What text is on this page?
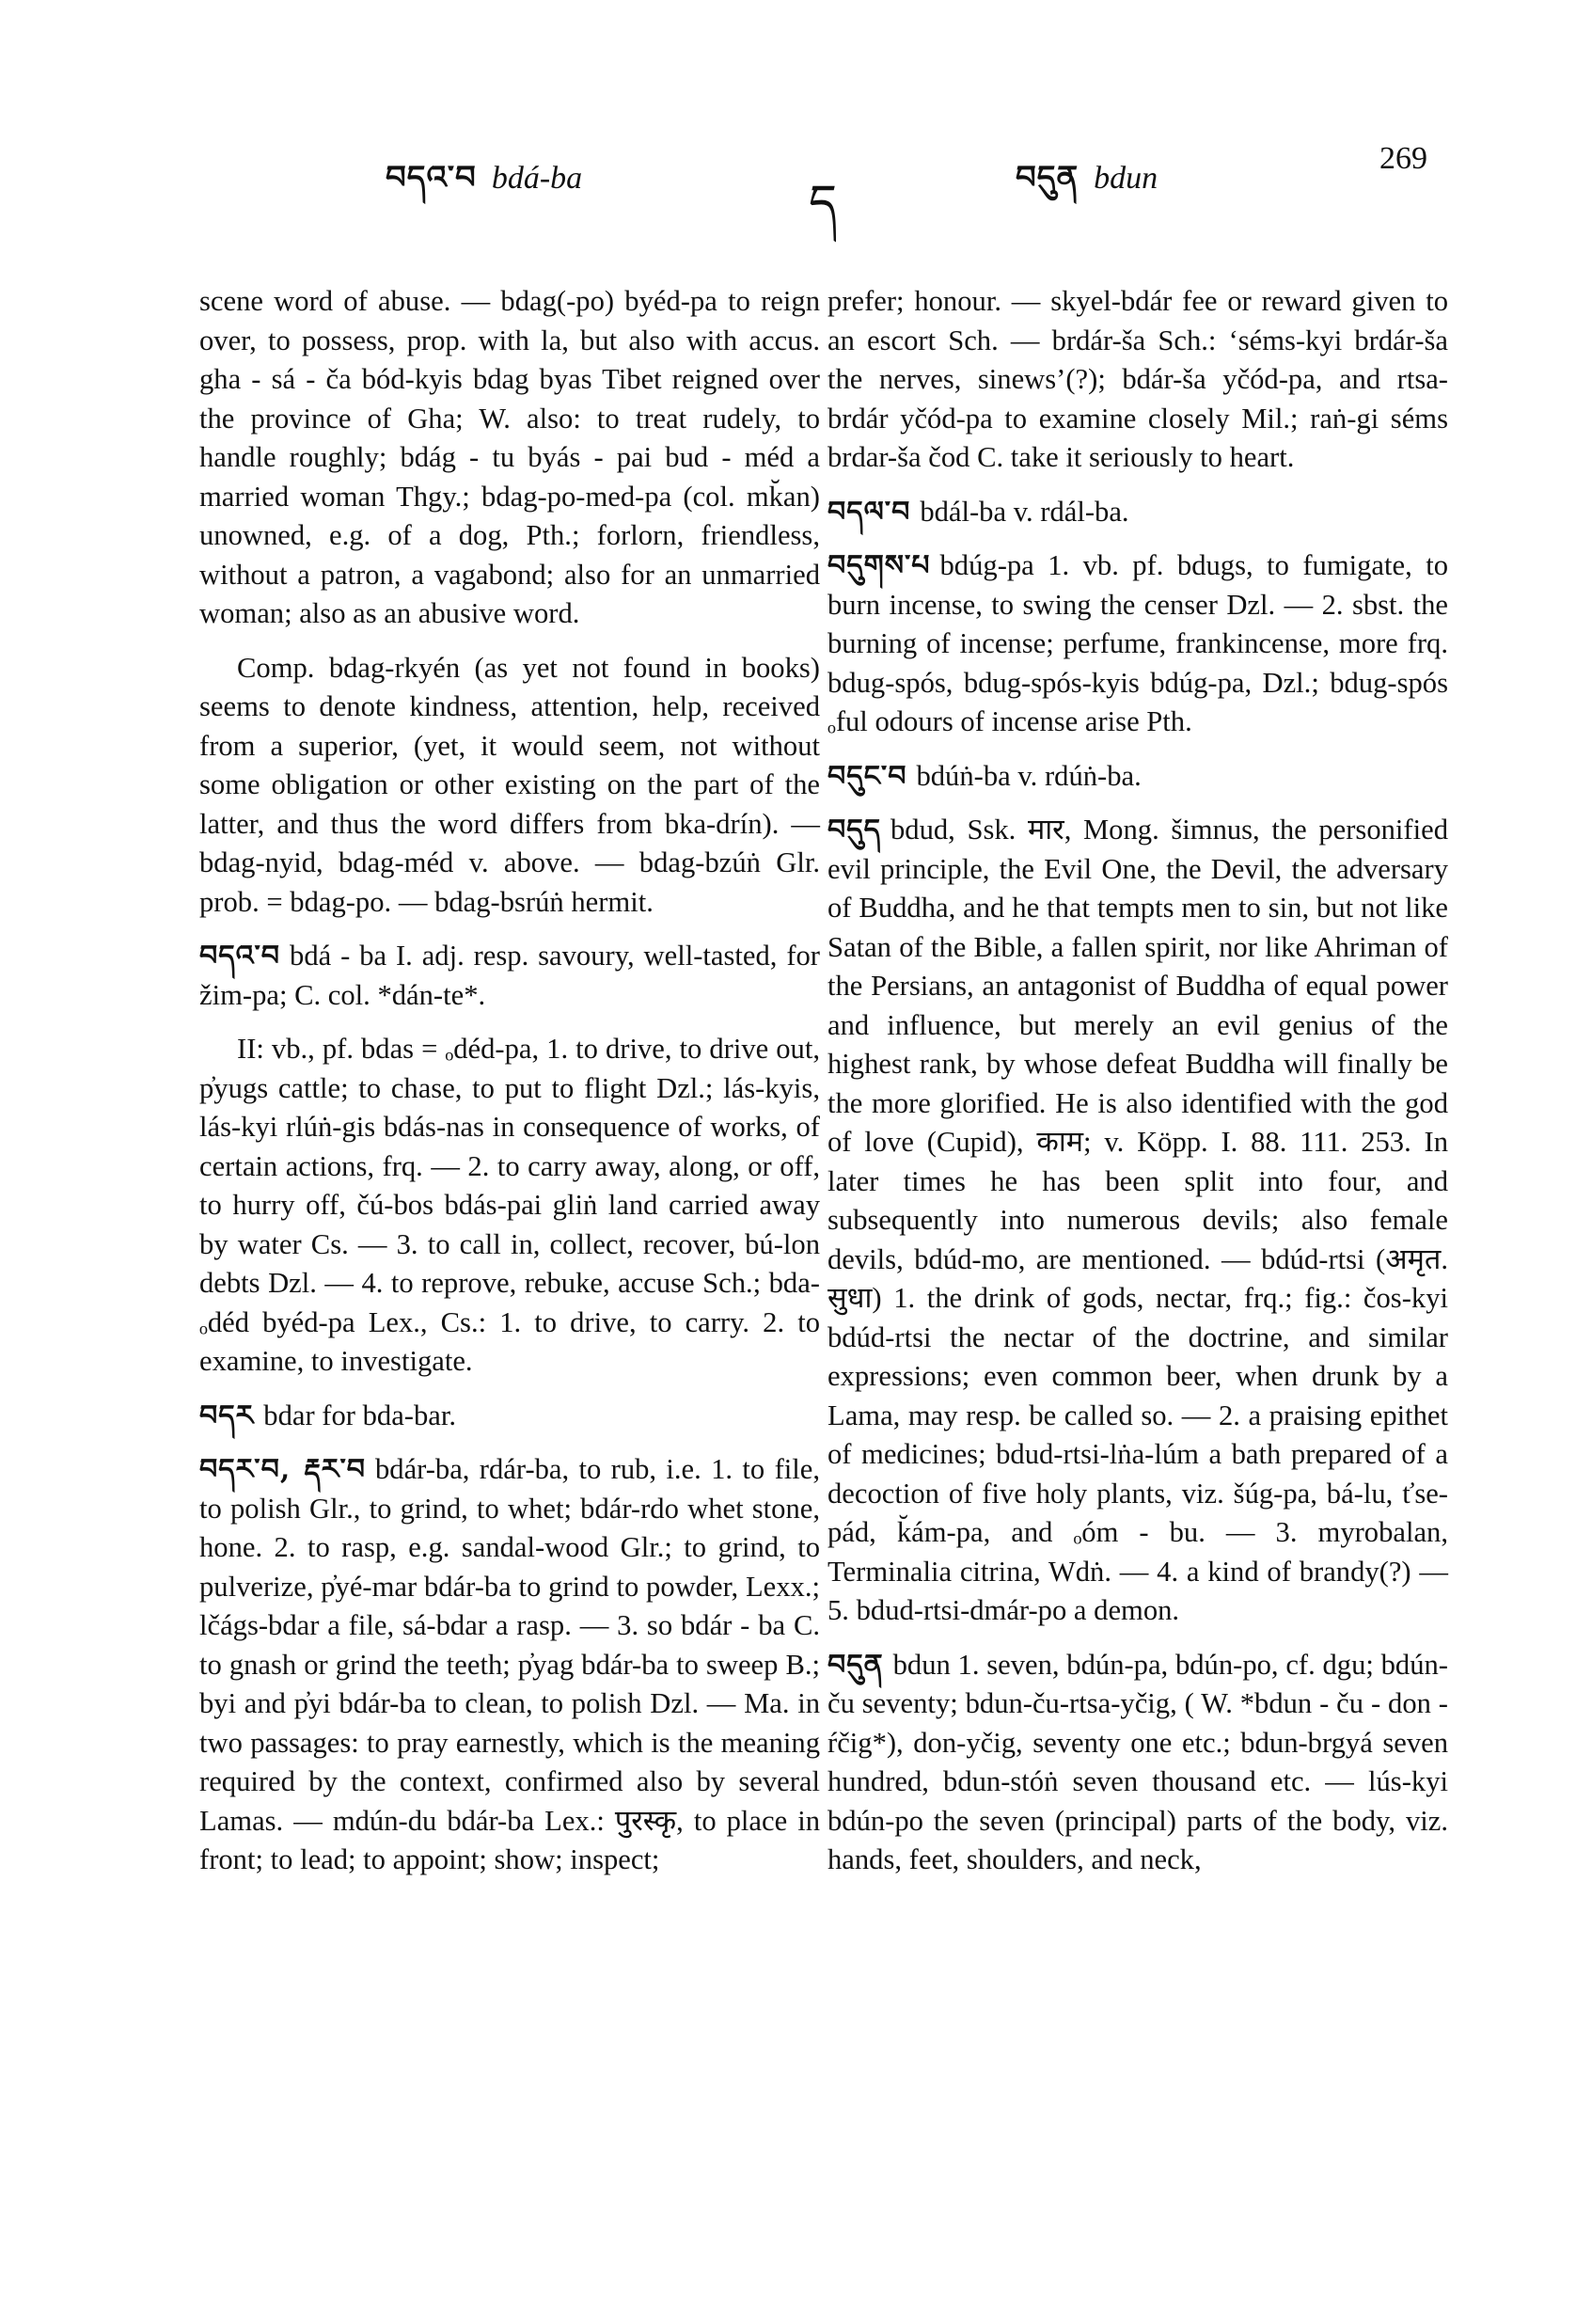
བདའ་བ bdá-ba	ད	བདུན bdun
269

scene word of abuse. — bdag(-po) byéd-pa to reign over, to possess, prop. with la, but also with accus. gha - sá - ča bód-kyis bdag byas Tibet reigned over the province of Gha; W. also: to treat rudely, to handle roughly; bdág - tu byás - pai bud - méd a married woman Thgy.; bdag-po-med-pa (col. mk̆an) unowned, e.g. of a dog, Pth.; forlorn, friendless, without a patron, a vagabond; also for an unmarried woman; also as an abusive word.

Comp. bdag-rkyén (as yet not found in books) seems to denote kindness, attention, help, received from a superior, (yet, it would seem, not without some obligation or other existing on the part of the latter, and thus the word differs from bka-drín). — bdag-nyid, bdag-méd v. above. — bdag-bzúṅ Glr. prob. = bdag-po. — bdag-bsrúṅ hermit.

བདའ་བ bdá - ba I. adj. resp. savoury, well-tasted, for žim-pa; C. col. *dán-te*.

II: vb., pf. bdas = ₒdéd-pa, 1. to drive, to drive out, p̓yugs cattle; to chase, to put to flight Dzl.; lás-kyis, lás-kyi rlúṅ-gis bdás-nas in consequence of works, of certain actions, frq. — 2. to carry away, along, or off, to hurry off, čú-bos bdás-pai gliṅ land carried away by water Cs. — 3. to call in, collect, recover, bú-lon debts Dzl. — 4. to reprove, rebuke, accuse Sch.; bda-ₒdéd byéd-pa Lex., Cs.: 1. to drive, to carry. 2. to examine, to investigate.

བདར bdar for bda-bar.

བདར་བ, རྡར་བ bdár-ba, rdár-ba, to rub, i.e. 1. to file, to polish Glr., to grind, to whet; bdár-rdo whet stone, hone. 2. to rasp, e.g. sandal-wood Glr.; to grind, to pulverize, p̓yé-mar bdár-ba to grind to powder, Lexx.; lčágs-bdar a file, sá-bdar a rasp. — 3. so bdár - ba C. to gnash or grind the teeth; p̓yag bdár-ba to sweep B.; byi and p̓yi bdár-ba to clean, to polish Dzl. — Ma. in two passages: to pray earnestly, which is the meaning required by the context, confirmed also by several Lamas. — mdún-du bdár-ba Lex.: पुरस्कृ, to place in front; to lead; to appoint; show; inspect;

prefer; honour. — skyel-bdár fee or reward given to an escort Sch. — brdár-ša Sch.: ‘séms-kyi brdár-ša the nerves, sinews’(?); bdár-ša yčód-pa, and rtsa-brdár yčód-pa to examine closely Mil.; raṅ-gi séms brdar-ša čod C. take it seriously to heart.

བདལ་བ bdál-ba v. rdál-ba.

བདུགས་པ bdúg-pa 1. vb. pf. bdugs, to fumigate, to burn incense, to swing the censer Dzl. — 2. sbst. the burning of incense; perfume, frankincense, more frq. bdug-spós, bdug-spós-kyis bdúg-pa, Dzl.; bdug-spós ₒful odours of incense arise Pth.

བདུང་བ bdúṅ-ba v. rdúṅ-ba.

བདུད bdud, Ssk. मार, Mong. šimnus, the personified evil principle, the Evil One, the Devil, the adversary of Buddha, and he that tempts men to sin, but not like Satan of the Bible, a fallen spirit, nor like Ahriman of the Persians, an antagonist of Buddha of equal power and influence, but merely an evil genius of the highest rank, by whose defeat Buddha will finally be the more glorified. He is also identified with the god of love (Cupid), काम; v. Köpp. I. 88. 111. 253. In later times he has been split into four, and subsequently into numerous devils; also female devils, bdúd-mo, are mentioned. — bdúd-rtsi (अमृत. सुधा) 1. the drink of gods, nectar, frq.; fig.: čos-kyi bdúd-rtsi the nectar of the doctrine, and similar expressions; even common beer, when drunk by a Lama, may resp. be called so. — 2. a praising epithet of medicines; bdud-rtsi-lṅa-lúm a bath prepared of a decoction of five holy plants, viz. šúg-pa, bá-lu, ťse-pád, k̆ám-pa, and ₒóm - bu. — 3. myrobalan, Terminalia citrina, Wdṅ. — 4. a kind of brandy(?) — 5. bdud-rtsi-dmár-po a demon.

བདུན bdun 1. seven, bdún-pa, bdún-po, cf. dgu; bdún-ču seventy; bdun-ču-rtsa-yčig, ( W. *bdun - ču - don - ŕčig*), don-yčig, seventy one etc.; bdun-brgyá seven hundred, bdun-stóṅ seven thousand etc. — lús-kyi bdún-po the seven (principal) parts of the body, viz. hands, feet, shoulders, and neck,
